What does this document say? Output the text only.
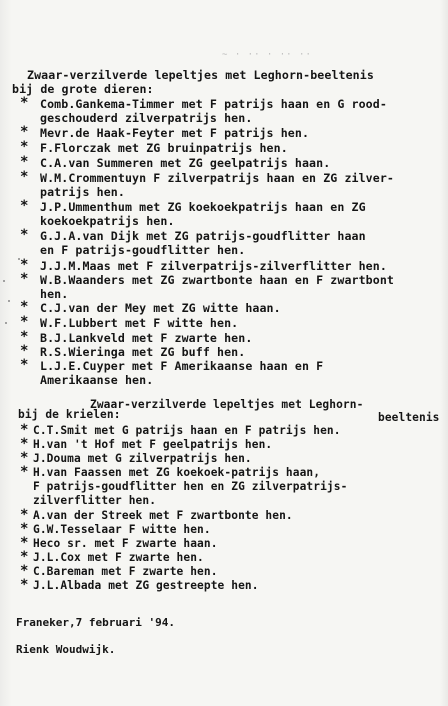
~ · ·· · ·· ··
Zwaar-verzilverde lepeltjes met Leghorn-beeltenis
bij de grote dieren:
* Comb.Gankema-Timmer met F patrijs haan en G rood-
geschouderd zilverpatrijs hen.
* Mevr.de Haak-Feyter met F patrijs hen.
* F.Florczak met ZG bruinpatrijs hen.
* C.A.van Summeren met ZG geelpatrijs haan.
* W.M.Crommentuyn F zilverpatrijs haan en ZG zilver-
patrijs hen.
* J.P.Ummenthum met ZG koekoekpatrijs haan en ZG
koekoekpatrijs hen.
* G.J.A.van Dijk met ZG patrijs-goudflitter haan
en F patrijs-goudflitter hen.
* J.J.M.Maas met F zilverpatrijs-zilverflitter hen.
* W.B.Waanders met ZG zwartbonte haan en F zwartbont
hen.
* C.J.van der Mey met ZG witte haan.
* W.F.Lubbert met F witte hen.
* B.J.Lankveld met F zwarte hen.
* R.S.Wieringa met ZG buff hen.
* L.J.E.Cuyper met F Amerikaanse haan en F
Amerikaanse hen.
Zwaar-verzilverde lepeltjes met Leghorn-
beeltenis
bij de krielen:
* C.T.Smit met G patrijs haan en F patrijs hen.
* H.van 't Hof met F geelpatrijs hen.
* J.Douma met G zilverpatrijs hen.
* H.van Faassen met ZG koekoek-patrijs haan,
F patrijs-goudflitter hen en ZG zilverpatrijs-
zilverflitter hen.
* A.van der Streek met F zwartbonte hen.
* G.W.Tesselaar F witte hen.
* Heco sr. met F zwarte haan.
* J.L.Cox met F zwarte hen.
* C.Bareman met F zwarte hen.
* J.L.Albada met ZG gestreepte hen.
Franeker,7 februari '94.
Rienk Woudwijk.
